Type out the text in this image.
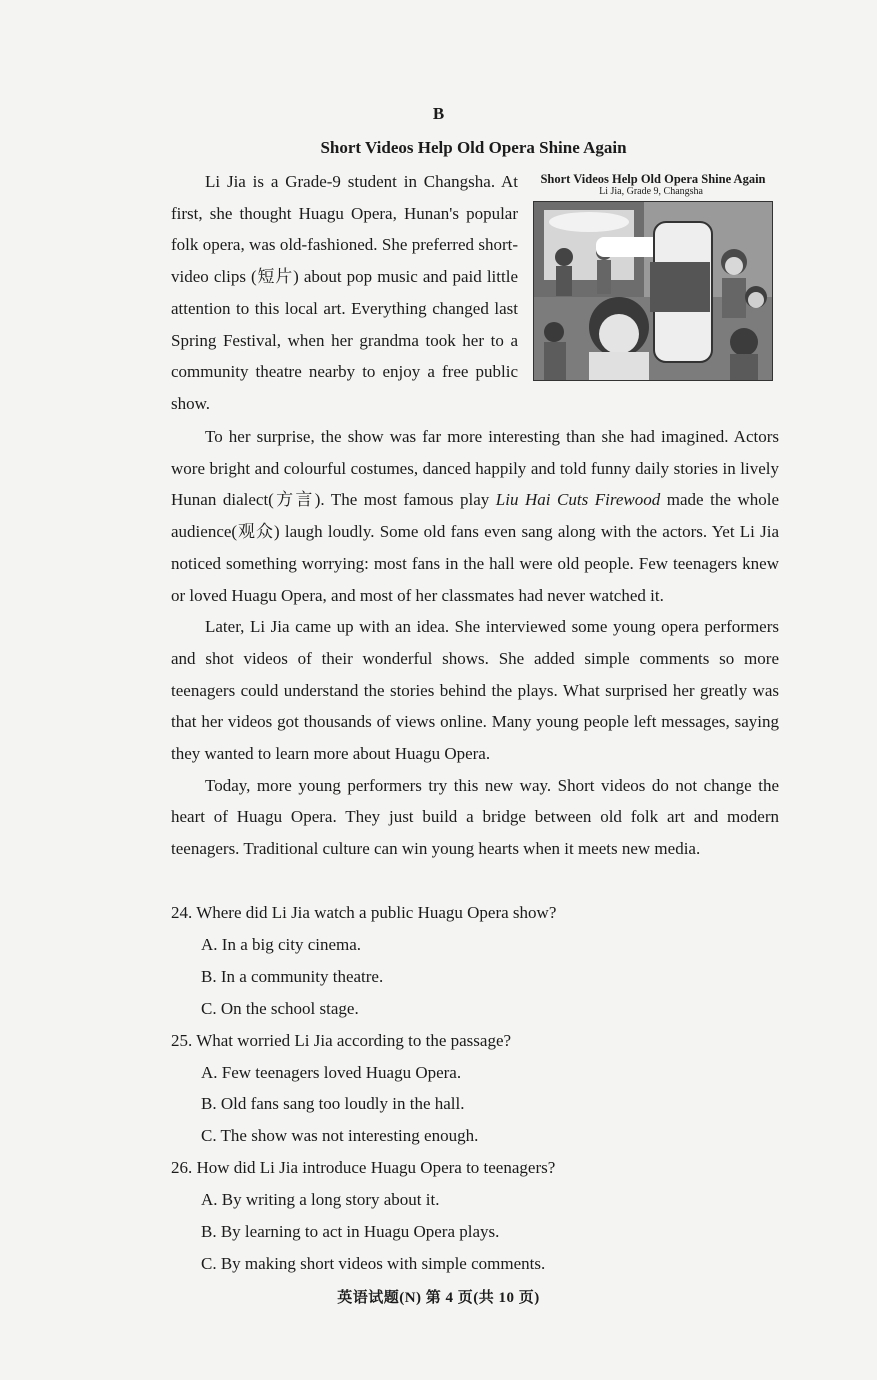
B
Short Videos Help Old Opera Shine Again
Short Videos Help Old Opera Shine Again
Li Jia, Grade 9, Changsha

Li Jia is a Grade-9 student in Changsha. At first, she thought Huagu Opera, Hunan's popular folk opera, was old-fashioned. She preferred short-video clips (短片) about pop music and paid little attention to this local art. Everything changed last Spring Festival, when her grandma took her to a community theatre nearby to enjoy a free public show.

To her surprise, the show was far more interesting than she had imagined. Actors wore bright and colourful costumes, danced happily and told funny daily stories in lively Hunan dialect(方言). The most famous play Liu Hai Cuts Firewood made the whole audience(观众) laugh loudly. Some old fans even sang along with the actors. Yet Li Jia noticed something worrying: most fans in the hall were old people. Few teenagers knew or loved Huagu Opera, and most of her classmates had never watched it.

Later, Li Jia came up with an idea. She interviewed some young opera performers and shot videos of their wonderful shows. She added simple comments so more teenagers could understand the stories behind the plays. What surprised her greatly was that her videos got thousands of views online. Many young people left messages, saying they wanted to learn more about Huagu Opera.

Today, more young performers try this new way. Short videos do not change the heart of Huagu Opera. They just build a bridge between old folk art and modern teenagers. Traditional culture can win young hearts when it meets new media.

24. Where did Li Jia watch a public Huagu Opera show?

A. In a big city cinema.

B. In a community theatre.

C. On the school stage.

25. What worried Li Jia according to the passage?

A. Few teenagers loved Huagu Opera.

B. Old fans sang too loudly in the hall.

C. The show was not interesting enough.

26. How did Li Jia introduce Huagu Opera to teenagers?

A. By writing a long story about it.

B. By learning to act in Huagu Opera plays.

C. By making short videos with simple comments.

英语试题(N) 第 4 页(共 10 页)
